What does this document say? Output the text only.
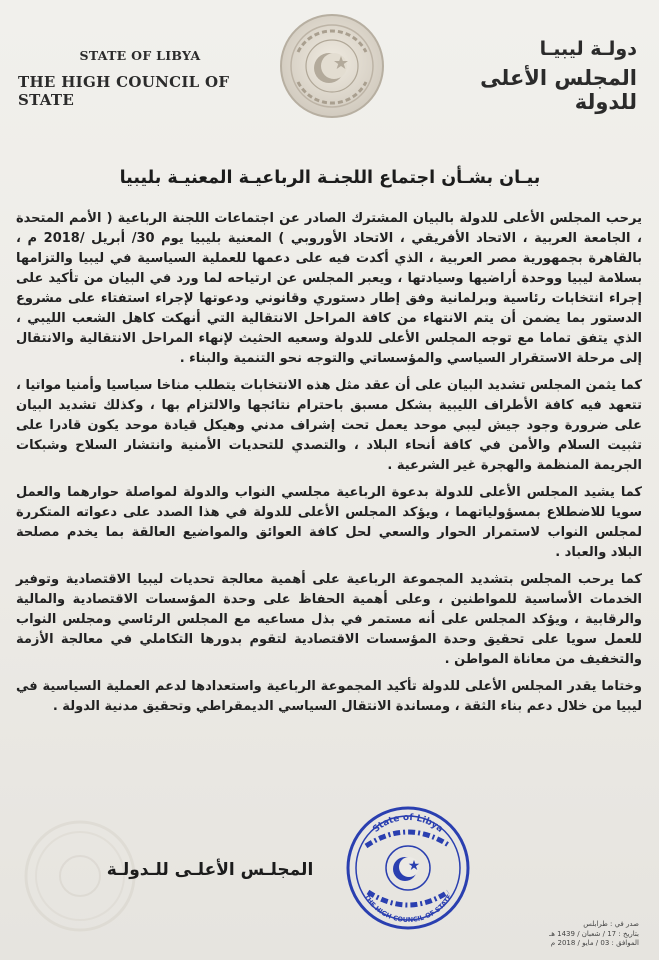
STATE OF LIBYA
THE HIGH COUNCIL OF STATE
دولـة ليبيـا
المجلس الأعلى للدولة
بيـان بشـأن اجتماع اللجنـة الرباعيـة المعنيـة بليبيا

يرحب المجلس الأعلى للدولة بالبيان المشترك الصادر عن اجتماعات اللجنة الرباعية ( الأمم المتحدة ، الجامعة العربية ، الاتحاد الأفريقي ، الاتحاد الأوروبي ) المعنية بليبيا يوم 30/ أبريل /2018 م ، بالقاهرة بجمهورية مصر العربية ، الذي أكدت فيه على دعمها للعملية السياسية في ليبيا والتزامها بسلامة ليبيا ووحدة أراضيها وسيادتها ، ويعبر المجلس عن ارتياحه لما ورد في البيان من تأكيد على إجراء انتخابات رئاسية وبرلمانية وفق إطار دستوري وقانوني ودعوتها لإجراء استفتاء على مشروع الدستور بما يضمن أن يتم الانتهاء من كافة المراحل الانتقالية التي أنهكت كاهل الشعب الليبي ، الذي يتفق تماما مع توجه المجلس الأعلى للدولة وسعيه الحثيث لإنهاء المراحل الانتقالية والانتقال إلى مرحلة الاستقرار السياسي والمؤسساتي والتوجه نحو التنمية والبناء .

كما يثمن المجلس تشديد البيان على أن عقد مثل هذه الانتخابات يتطلب مناخا سياسيا وأمنيا مواتيا ، تتعهد فيه كافة الأطراف الليبية بشكل مسبق باحترام نتائجها والالتزام بها ، وكذلك تشديد البيان على ضرورة وجود جيش ليبي موحد يعمل تحت إشراف مدني وهيكل قيادة موحد يكون قادرا على تثبيت السلام والأمن في كافة أنحاء البلاد ، والتصدي للتحديات الأمنية وانتشار السلاح وشبكات الجريمة المنظمة والهجرة غير الشرعية .

كما يشيد المجلس الأعلى للدولة بدعوة الرباعية مجلسي النواب والدولة لمواصلة حوارهما والعمل سويا للاضطلاع بمسؤولياتهما ، ويؤكد المجلس الأعلى للدولة في هذا الصدد على دعواته المتكررة لمجلس النواب لاستمرار الحوار والسعي لحل كافة العوائق والمواضيع العالقة بما يخدم مصلحة البلاد والعباد .

كما يرحب المجلس بتشديد المجموعة الرباعية على أهمية معالجة تحديات ليبيا الاقتصادية وتوفير الخدمات الأساسية للمواطنين ، وعلى أهمية الحفاظ على وحدة المؤسسات الاقتصادية والمالية والرقابية ، ويؤكد المجلس على أنه مستمر في بذل مساعيه مع المجلس الرئاسي ومجلس النواب للعمل سويا على تحقيق وحدة المؤسسات الاقتصادية لتقوم بدورها التكاملي في معالجة الأزمة والتخفيف من معاناة المواطن .

وختاما يقدر المجلس الأعلى للدولة تأكيد المجموعة الرباعية واستعدادها لدعم العملية السياسية في ليبيا من خلال دعم بناء الثقة ، ومساندة الانتقال السياسي الديمقراطي وتحقيق مدنية الدولة .

المجلـس الأعلـى للـدولـة
State of Libya
THE HIGH COUNCIL OF STATE
صدر في : طرابلس
بتاريخ : 17 / شعبان / 1439 هـ
الموافق : 03 / مايو / 2018 م
